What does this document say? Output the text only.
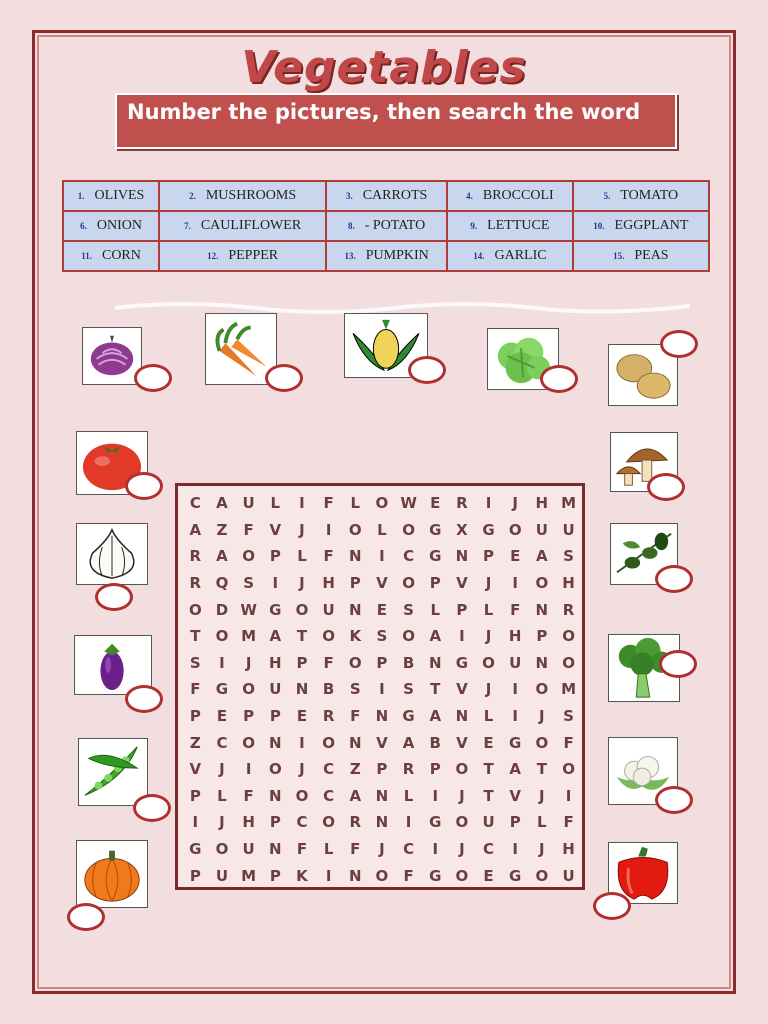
Vegetables
Number the pictures, then search the word
1. OLIVES	2. MUSHROOMS	3. CARROTS	4. BROCCOLI	5. TOMATO
6. ONION	7. CAULIFLOWER	8. - POTATO	9. LETTUCE	10. EGGPLANT
11. CORN	12. PEPPER	13. PUMPKIN	14. GARLIC	15. PEAS
C	A	U	L	I	F	L	O	W	E	R	I	J	H	M
A	Z	F	V	J	I	O	L	O	G	X	G	O	U	U
R	A	O	P	L	F	N	I	C	G	N	P	E	A	S
R	Q	S	I	J	H	P	V	O	P	V	J	I	O	H
O	D	W	G	O	U	N	E	S	L	P	L	F	N	R
T	O	M	A	T	O	K	S	O	A	I	J	H	P	O
S	I	J	H	P	F	O	P	B	N	G	O	U	N	O
F	G	O	U	N	B	S	I	S	T	V	J	I	O	M
P	E	P	P	E	R	F	N	G	A	N	L	I	J	S
Z	C	O	N	I	O	N	V	A	B	V	E	G	O	F
V	J	I	O	J	C	Z	P	R	P	O	T	A	T	O
P	L	F	N	O	C	A	N	L	I	J	T	V	J	I
I	J	H	P	C	O	R	N	I	G	O	U	P	L	F
G	O	U	N	F	L	F	J	C	I	J	C	I	J	H
P	U	M	P	K	I	N	O	F	G	O	E	G	O	U
